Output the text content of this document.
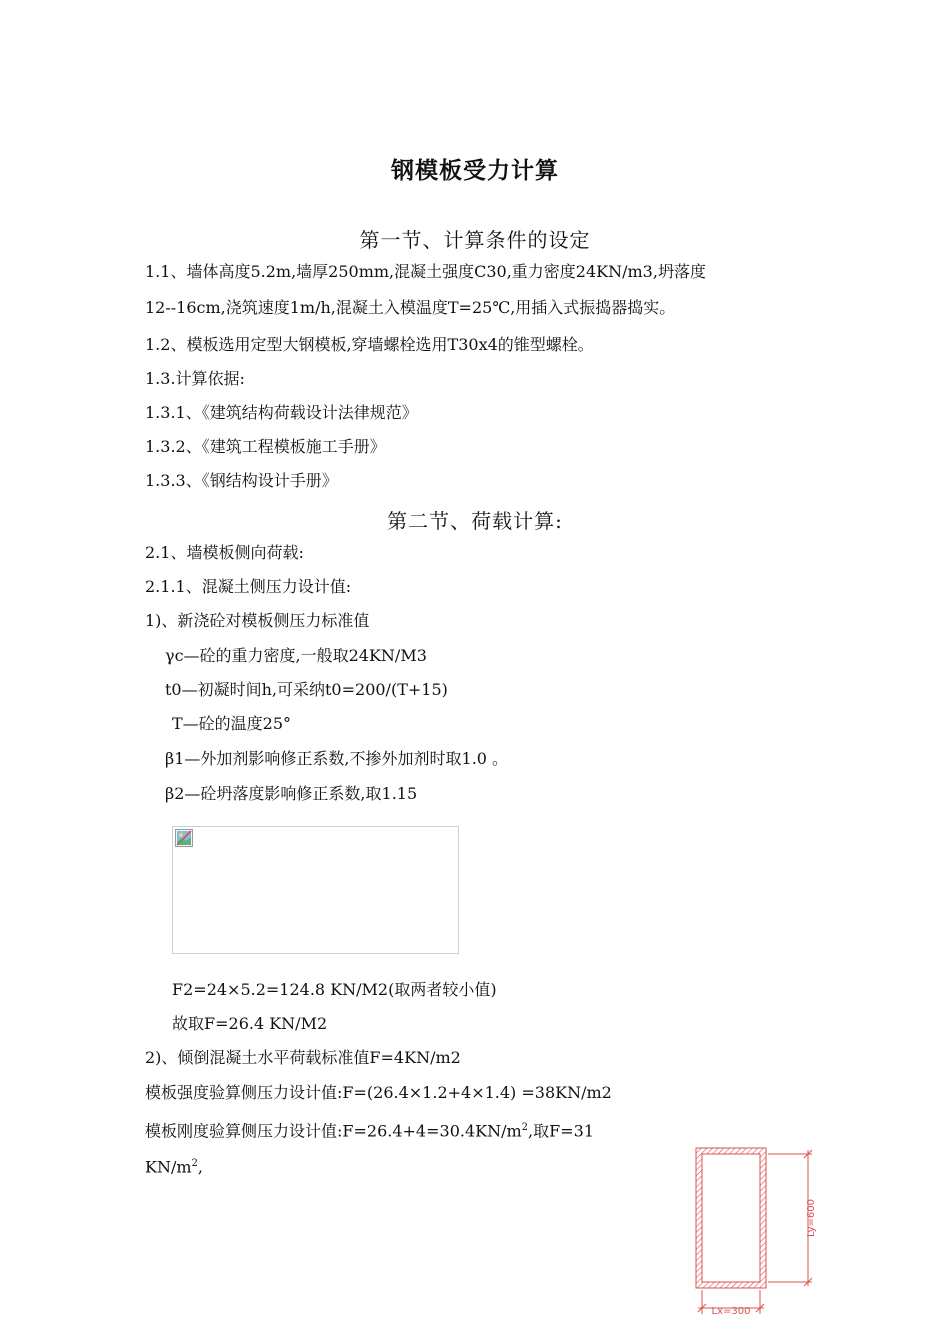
钢模板受力计算
第一节、计算条件的设定
1.1、墙体高度5.2m,墙厚250mm,混凝土强度C30,重力密度24KN/m3,坍落度
12--16cm,浇筑速度1m/h,混凝土入模温度T=25℃,用插入式振捣器捣实。
1.2、模板选用定型大钢模板,穿墙螺栓选用T30x4的锥型螺栓。
1.3.计算依据:
1.3.1、《建筑结构荷载设计法律规范》
1.3.2、《建筑工程模板施工手册》
1.3.3、《钢结构设计手册》
第二节、荷载计算:
2.1、墙模板侧向荷载:
2.1.1、混凝土侧压力设计值:
1)、新浇砼对模板侧压力标准值
γc—砼的重力密度,一般取24KN/M3
t0—初凝时间h,可采纳t0=200/(T+15)
T—砼的温度25°
β1—外加剂影响修正系数,不掺外加剂时取1.0 。
β2—砼坍落度影响修正系数,取1.15
F2=24×5.2=124.8 KN/M2(取两者较小值)
故取F=26.4 KN/M2
2)、倾倒混凝土水平荷载标准值F=4KN/m2
模板强度验算侧压力设计值:F=(26.4×1.2+4×1.4) =38KN/m2
模板刚度验算侧压力设计值$:F=26.4+4=30.4KN/m^2$,取F=31
$KN/m^2$,
Ly=600
Lx=300
